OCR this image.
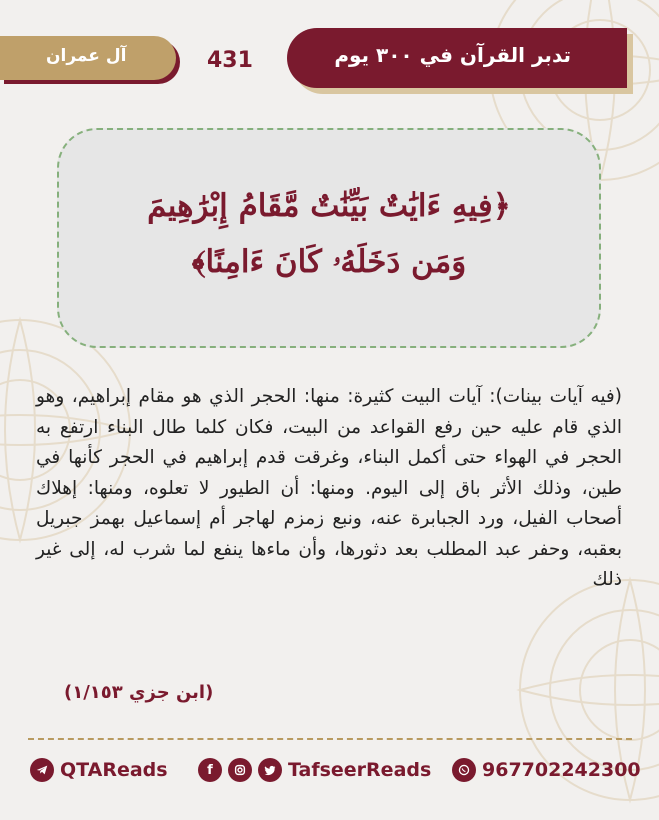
آل عمران	431	تدبر القرآن في ٣٠٠ يوم
﴿فِيهِ ءَايَٰتٌ بَيِّنَٰتٌ مَّقَامُ إِبْرَٰهِيمَ
وَمَن دَخَلَهُۥ كَانَ ءَامِنًا﴾
(فيه آيات بينات): آيات البيت كثيرة: منها: الحجر الذي هو مقام إبراهيم، وهو الذي قام عليه حين رفع القواعد من البيت، فكان كلما طال البناء ارتفع به الحجر في الهواء حتى أكمل البناء، وغرقت قدم إبراهيم في الحجر كأنها في طين، وذلك الأثر باق إلى اليوم. ومنها: أن الطيور لا تعلوه، ومنها: إهلاك أصحاب الفيل، ورد الجبابرة عنه، ونبع زمزم لهاجر أم إسماعيل بهمز جبريل بعقبه، وحفر عبد المطلب بعد دثورها، وأن ماءها ينفع لما شرب له، إلى غير ذلك
(ابن جزي ١/١٥٣)
QTAReads	f	TafseerReads	967702242300
